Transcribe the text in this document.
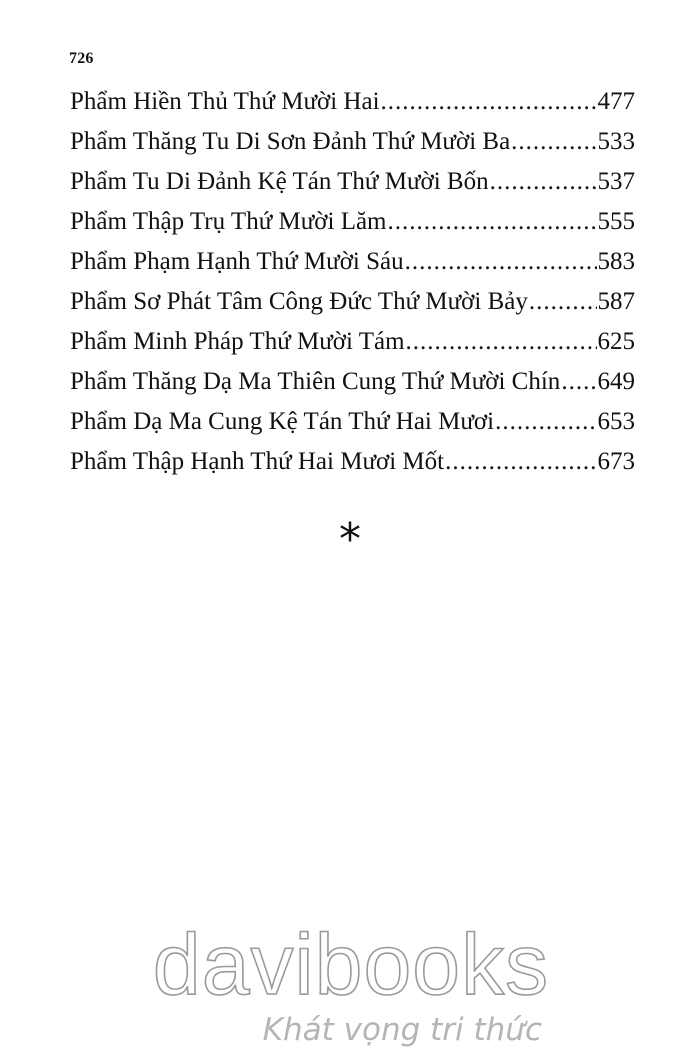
726
Phẩm Hiền Thủ Thứ Mười Hai .....	477
Phẩm Thăng Tu Di Sơn Đảnh Thứ Mười Ba .....	533
Phẩm Tu Di Đảnh Kệ Tán Thứ Mười Bốn .....	537
Phẩm Thập Trụ Thứ Mười Lăm .....	555
Phẩm Phạm Hạnh Thứ Mười Sáu .....	583
Phẩm Sơ Phát Tâm Công Đức Thứ Mười Bảy .....	587
Phẩm Minh Pháp Thứ Mười Tám .....	625
Phẩm Thăng Dạ Ma Thiên Cung Thứ Mười Chín ..... 649
Phẩm Dạ Ma Cung Kệ Tán Thứ Hai Mươi .....	653
Phẩm Thập Hạnh Thứ Hai Mươi Mốt .....	673
*
davibooks
Khát vọng tri thức
